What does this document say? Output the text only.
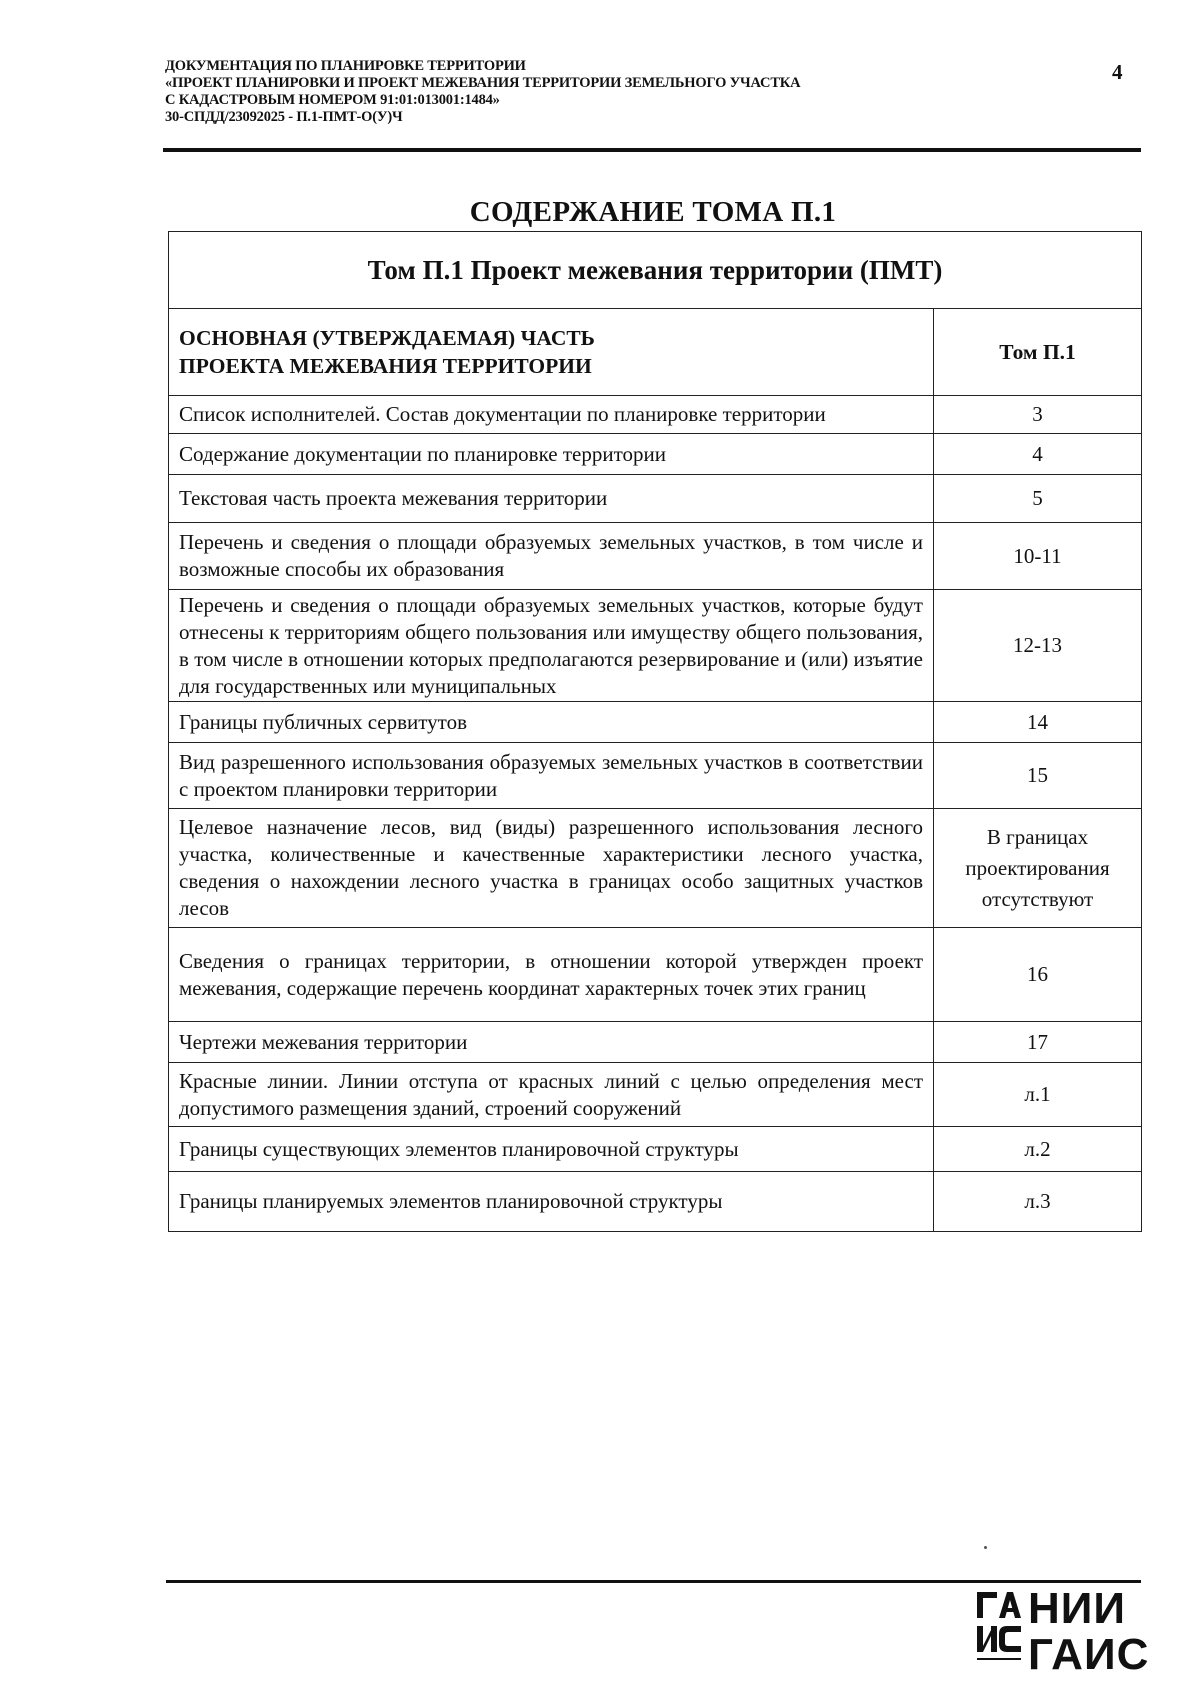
ДОКУМЕНТАЦИЯ ПО ПЛАНИРОВКЕ ТЕРРИТОРИИ
«ПРОЕКТ ПЛАНИРОВКИ И ПРОЕКТ МЕЖЕВАНИЯ ТЕРРИТОРИИ ЗЕМЕЛЬНОГО УЧАСТКА
С КАДАСТРОВЫМ НОМЕРОМ 91:01:013001:1484»
30-СПДД/23092025 - П.1-ПМТ-О(У)Ч
4
СОДЕРЖАНИЕ ТОМА П.1
Том П.1 Проект межевания территории (ПМТ)	

ОСНОВНАЯ (УТВЕРЖДАЕМАЯ) ЧАСТЬ
ПРОЕКТА МЕЖЕВАНИЯ ТЕРРИТОРИИ	Том П.1
Список исполнителей. Состав документации по планировке территории	3
Содержание документации по планировке территории	4
Текстовая часть проекта межевания территории	5
Перечень и сведения о площади образуемых земельных участков, в том числе и возможные способы их образования	10-11
Перечень и сведения о площади образуемых земельных участков, которые будут отнесены к территориям общего пользования или имуществу общего пользования, в том числе в отношении которых предполагаются резервирование и (или) изъятие для государственных или муниципальных	12-13
Границы публичных сервитутов	14
Вид разрешенного использования образуемых земельных участков в соответствии с проектом планировки территории	15
Целевое назначение лесов, вид (виды) разрешенного использования лесного участка, количественные и качественные характеристики лесного участка, сведения о нахождении лесного участка в границах особо защитных участков лесов	В границах проектирования отсутствуют
Сведения о границах территории, в отношении которой утвержден проект межевания, содержащие перечень координат характерных точек этих границ	16
Чертежи межевания территории	17
Красные линии. Линии отступа от красных линий с целью определения мест допустимого размещения зданий, строений сооружений	л.1
Границы существующих элементов планировочной структуры	л.2
Границы планируемых элементов планировочной структуры	л.3
НИИ
ГАИС
